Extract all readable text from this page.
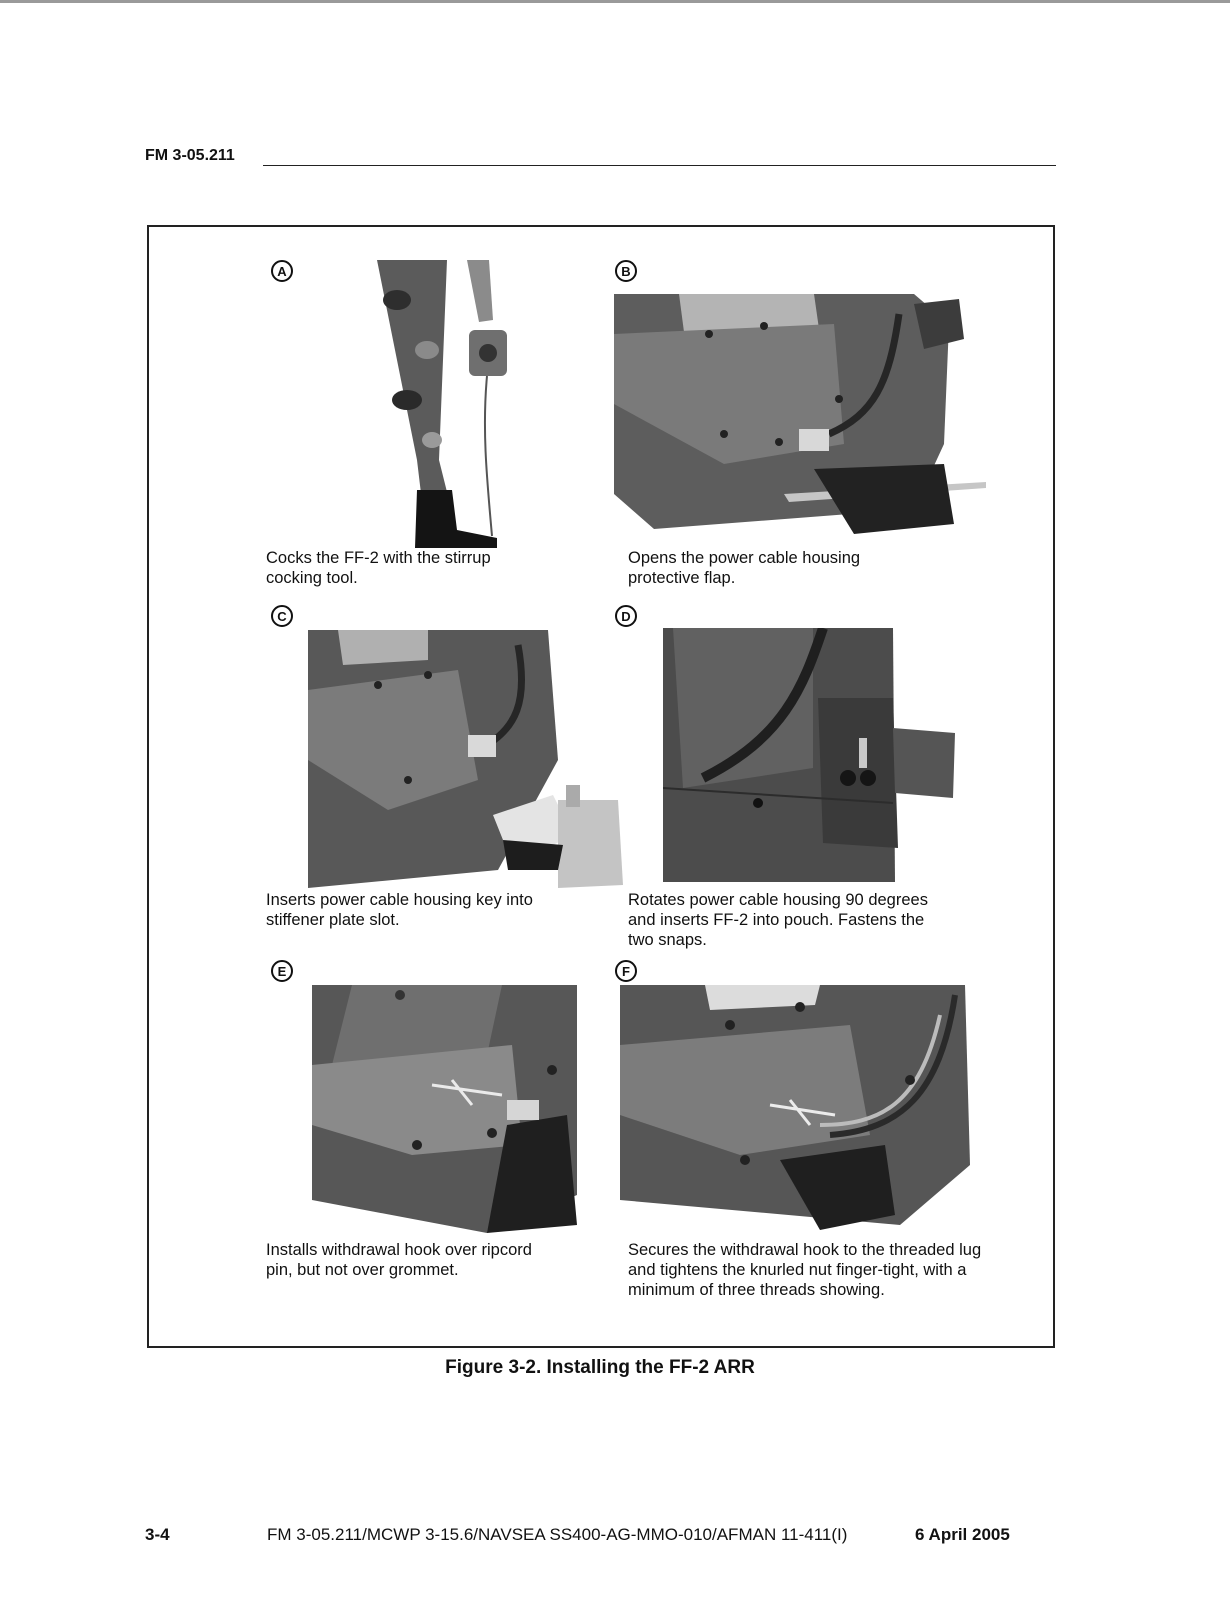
FM 3-05.211
A
Cocks the FF-2 with the stirrup
cocking tool.
B
Opens the power cable housing
protective flap.
C
Inserts power cable housing key into
stiffener plate slot.
D
Rotates power cable housing 90 degrees
and inserts FF-2 into pouch. Fastens the
two snaps.
E
Installs withdrawal hook over ripcord
pin, but not over grommet.
F
Secures the withdrawal hook to the threaded lug
and tightens the knurled nut finger-tight, with a
minimum of three threads showing.
Figure 3-2. Installing the FF-2 ARR
3-4	FM 3-05.211/MCWP 3-15.6/NAVSEA SS400-AG-MMO-010/AFMAN 11-411(I)	6 April 2005
